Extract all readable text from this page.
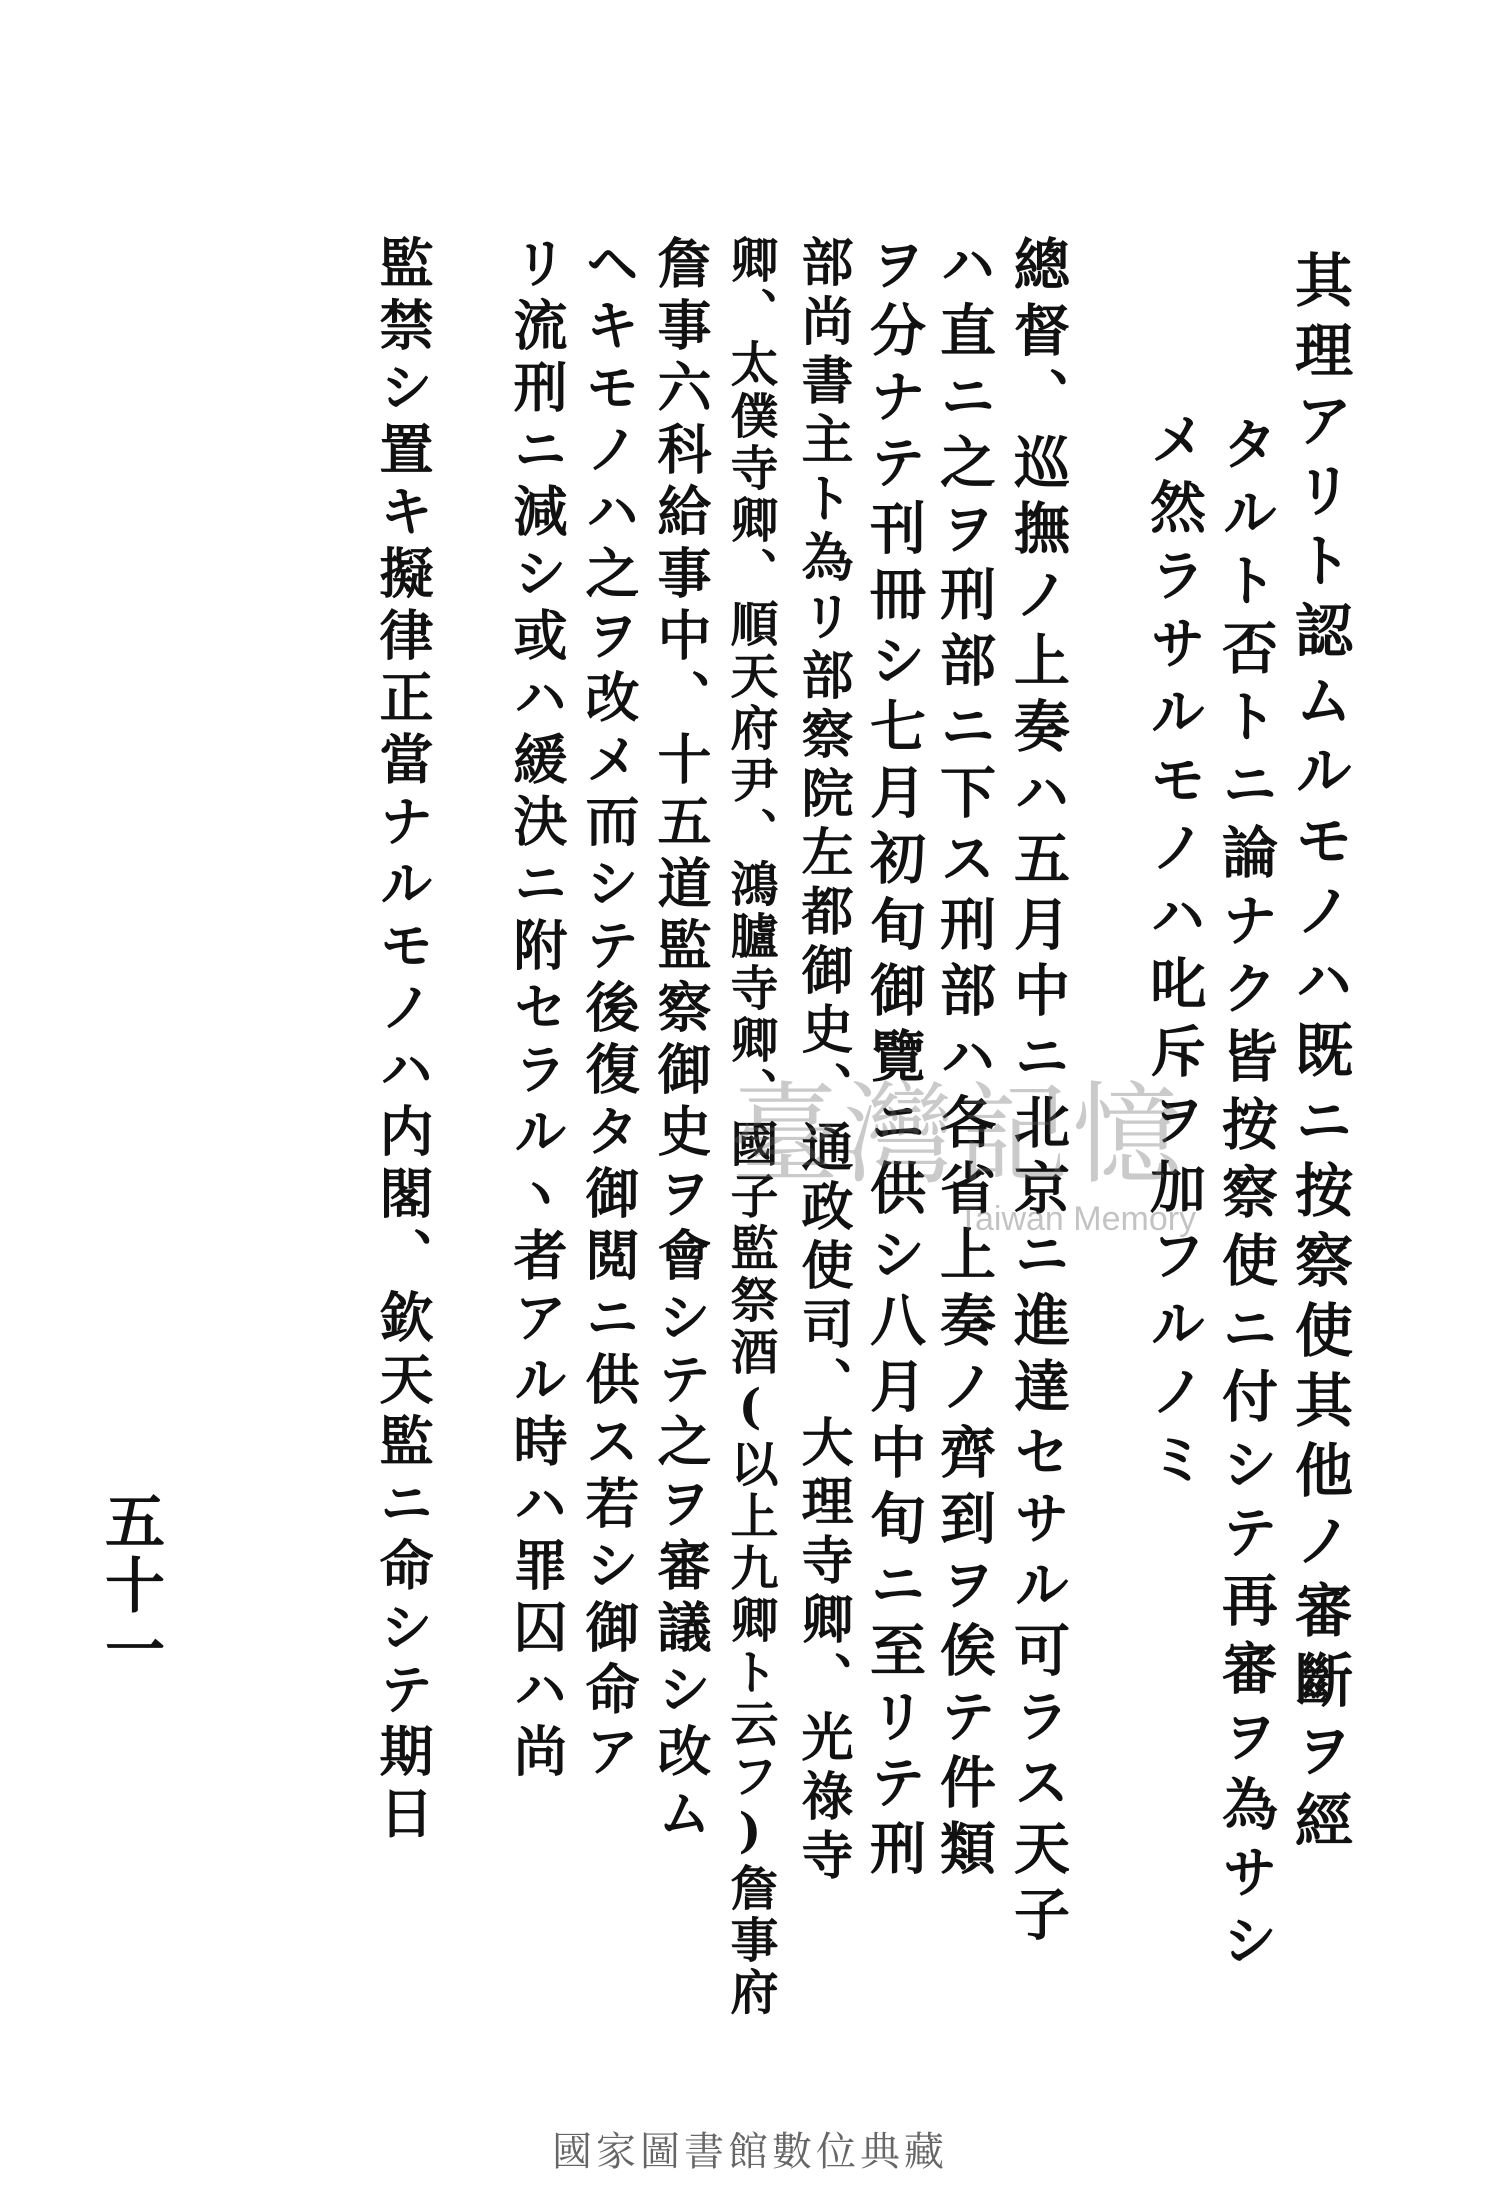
其理アリト認ムルモノハ既ニ按察使其他ノ審斷ヲ經
タルト否トニ論ナク皆按察使ニ付シテ再審ヲ為サシ
メ然ラサルモノハ叱斥ヲ加フルノミ
總督、巡撫ノ上奏ハ五月中ニ北京ニ進達セサル可ラス天子
ハ直ニ之ヲ刑部ニ下ス刑部ハ各省上奏ノ齊到ヲ俟テ件類
ヲ分ナテ刊冊シ七月初旬御覽ニ供シ八月中旬ニ至リテ刑
部尚書主ト為リ部察院左都御史、通政使司、大理寺卿、光祿寺
卿、太僕寺卿、順天府尹、鴻臚寺卿、國子監祭酒(以上九卿ト云フ)詹事府
詹事六科給事中、十五道監察御史ヲ會シテ之ヲ審議シ改ム
ヘキモノハ之ヲ改メ而シテ後復タ御閲ニ供ス若シ御命ア
リ流刑ニ減シ或ハ緩決ニ附セラルヽ者アル時ハ罪囚ハ尚
監禁シ置キ擬律正當ナルモノハ内閣、欽天監ニ命シテ期日
五十一
臺灣記憶
Taiwan Memory
國家圖書館數位典藏
